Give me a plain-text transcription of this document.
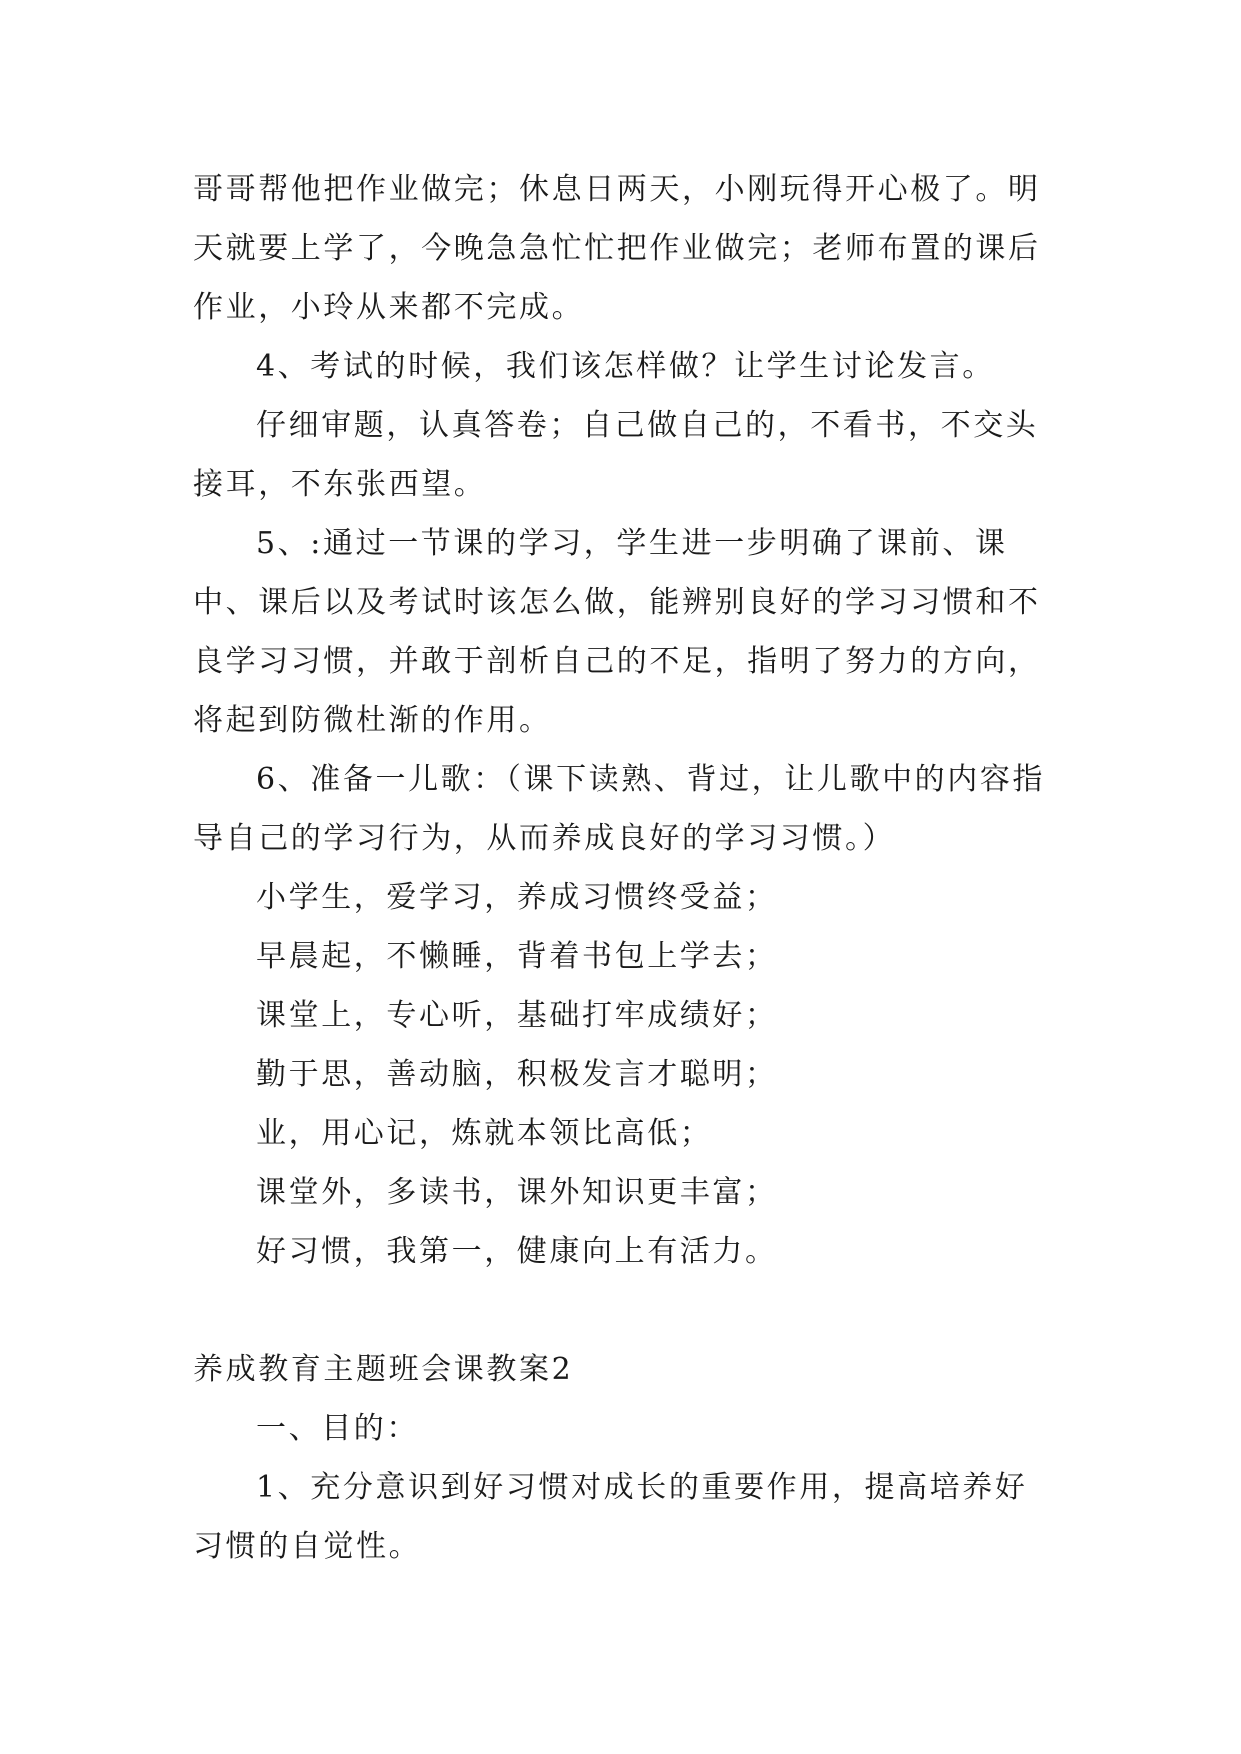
哥哥帮他把作业做完；休息日两天，小刚玩得开心极了。明天就要上学了，今晚急急忙忙把作业做完；老师布置的课后作业，小玲从来都不完成。

4、考试的时候，我们该怎样做？让学生讨论发言。

仔细审题，认真答卷；自己做自己的，不看书，不交头接耳，不东张西望。

5、:通过一节课的学习，学生进一步明确了课前、课中、课后以及考试时该怎么做，能辨别良好的学习习惯和不良学习习惯，并敢于剖析自己的不足，指明了努力的方向，将起到防微杜渐的作用。

6、准备一儿歌：（课下读熟、背过，让儿歌中的内容指导自己的学习行为，从而养成良好的学习习惯。）

小学生，爱学习，养成习惯终受益；

早晨起，不懒睡，背着书包上学去；

课堂上，专心听，基础打牢成绩好；

勤于思，善动脑，积极发言才聪明；

业，用心记，炼就本领比高低；

课堂外，多读书，课外知识更丰富；

好习惯，我第一，健康向上有活力。

养成教育主题班会课教案2

一、目的：

1、充分意识到好习惯对成长的重要作用，提高培养好习惯的自觉性。
